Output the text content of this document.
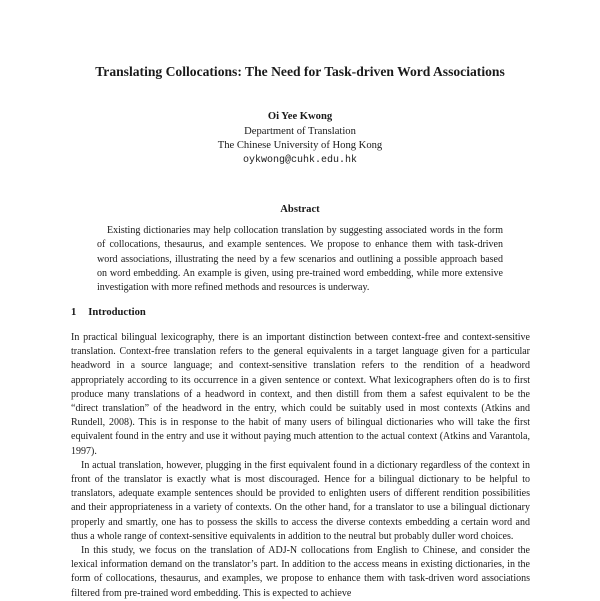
Translating Collocations: The Need for Task-driven Word Associations
Oi Yee Kwong
Department of Translation
The Chinese University of Hong Kong
oykwong@cuhk.edu.hk
Abstract

Existing dictionaries may help collocation translation by suggesting associated words in the form of collocations, thesaurus, and example sentences. We propose to enhance them with task-driven word associations, illustrating the need by a few scenarios and outlining a possible approach based on word embedding. An example is given, using pre-trained word embedding, while more extensive investigation with more refined methods and resources is underway.

1 Introduction

In practical bilingual lexicography, there is an important distinction between context-free and context-sensitive translation. Context-free translation refers to the general equivalents in a target language given for a particular headword in a source language; and context-sensitive translation refers to the rendition of a headword appropriately according to its occurrence in a given sentence or context. What lexicographers often do is to first produce many translations of a headword in context, and then distill from them a safest equivalent to be the “direct translation” of the headword in the entry, which could be suitably used in most contexts (Atkins and Rundell, 2008). This is in response to the habit of many users of bilingual dictionaries who will take the first equivalent found in the entry and use it without paying much attention to the actual context (Atkins and Varantola, 1997).

In actual translation, however, plugging in the first equivalent found in a dictionary regardless of the context in front of the translator is exactly what is most discouraged. Hence for a bilingual dictionary to be helpful to translators, adequate example sentences should be provided to enlighten users of different rendition possibilities and their appropriateness in a variety of contexts. On the other hand, for a translator to use a bilingual dictionary properly and smartly, one has to possess the skills to access the diverse contexts embedding a certain word and thus a whole range of context-sensitive equivalents in addition to the neutral but probably duller word choices.

In this study, we focus on the translation of ADJ-N collocations from English to Chinese, and consider the lexical information demand on the translator’s part. In addition to the access means in existing dictionaries, in the form of collocations, thesaurus, and examples, we propose to enhance them with task-driven word associations filtered from pre-trained word embedding. This is expected to achieve
